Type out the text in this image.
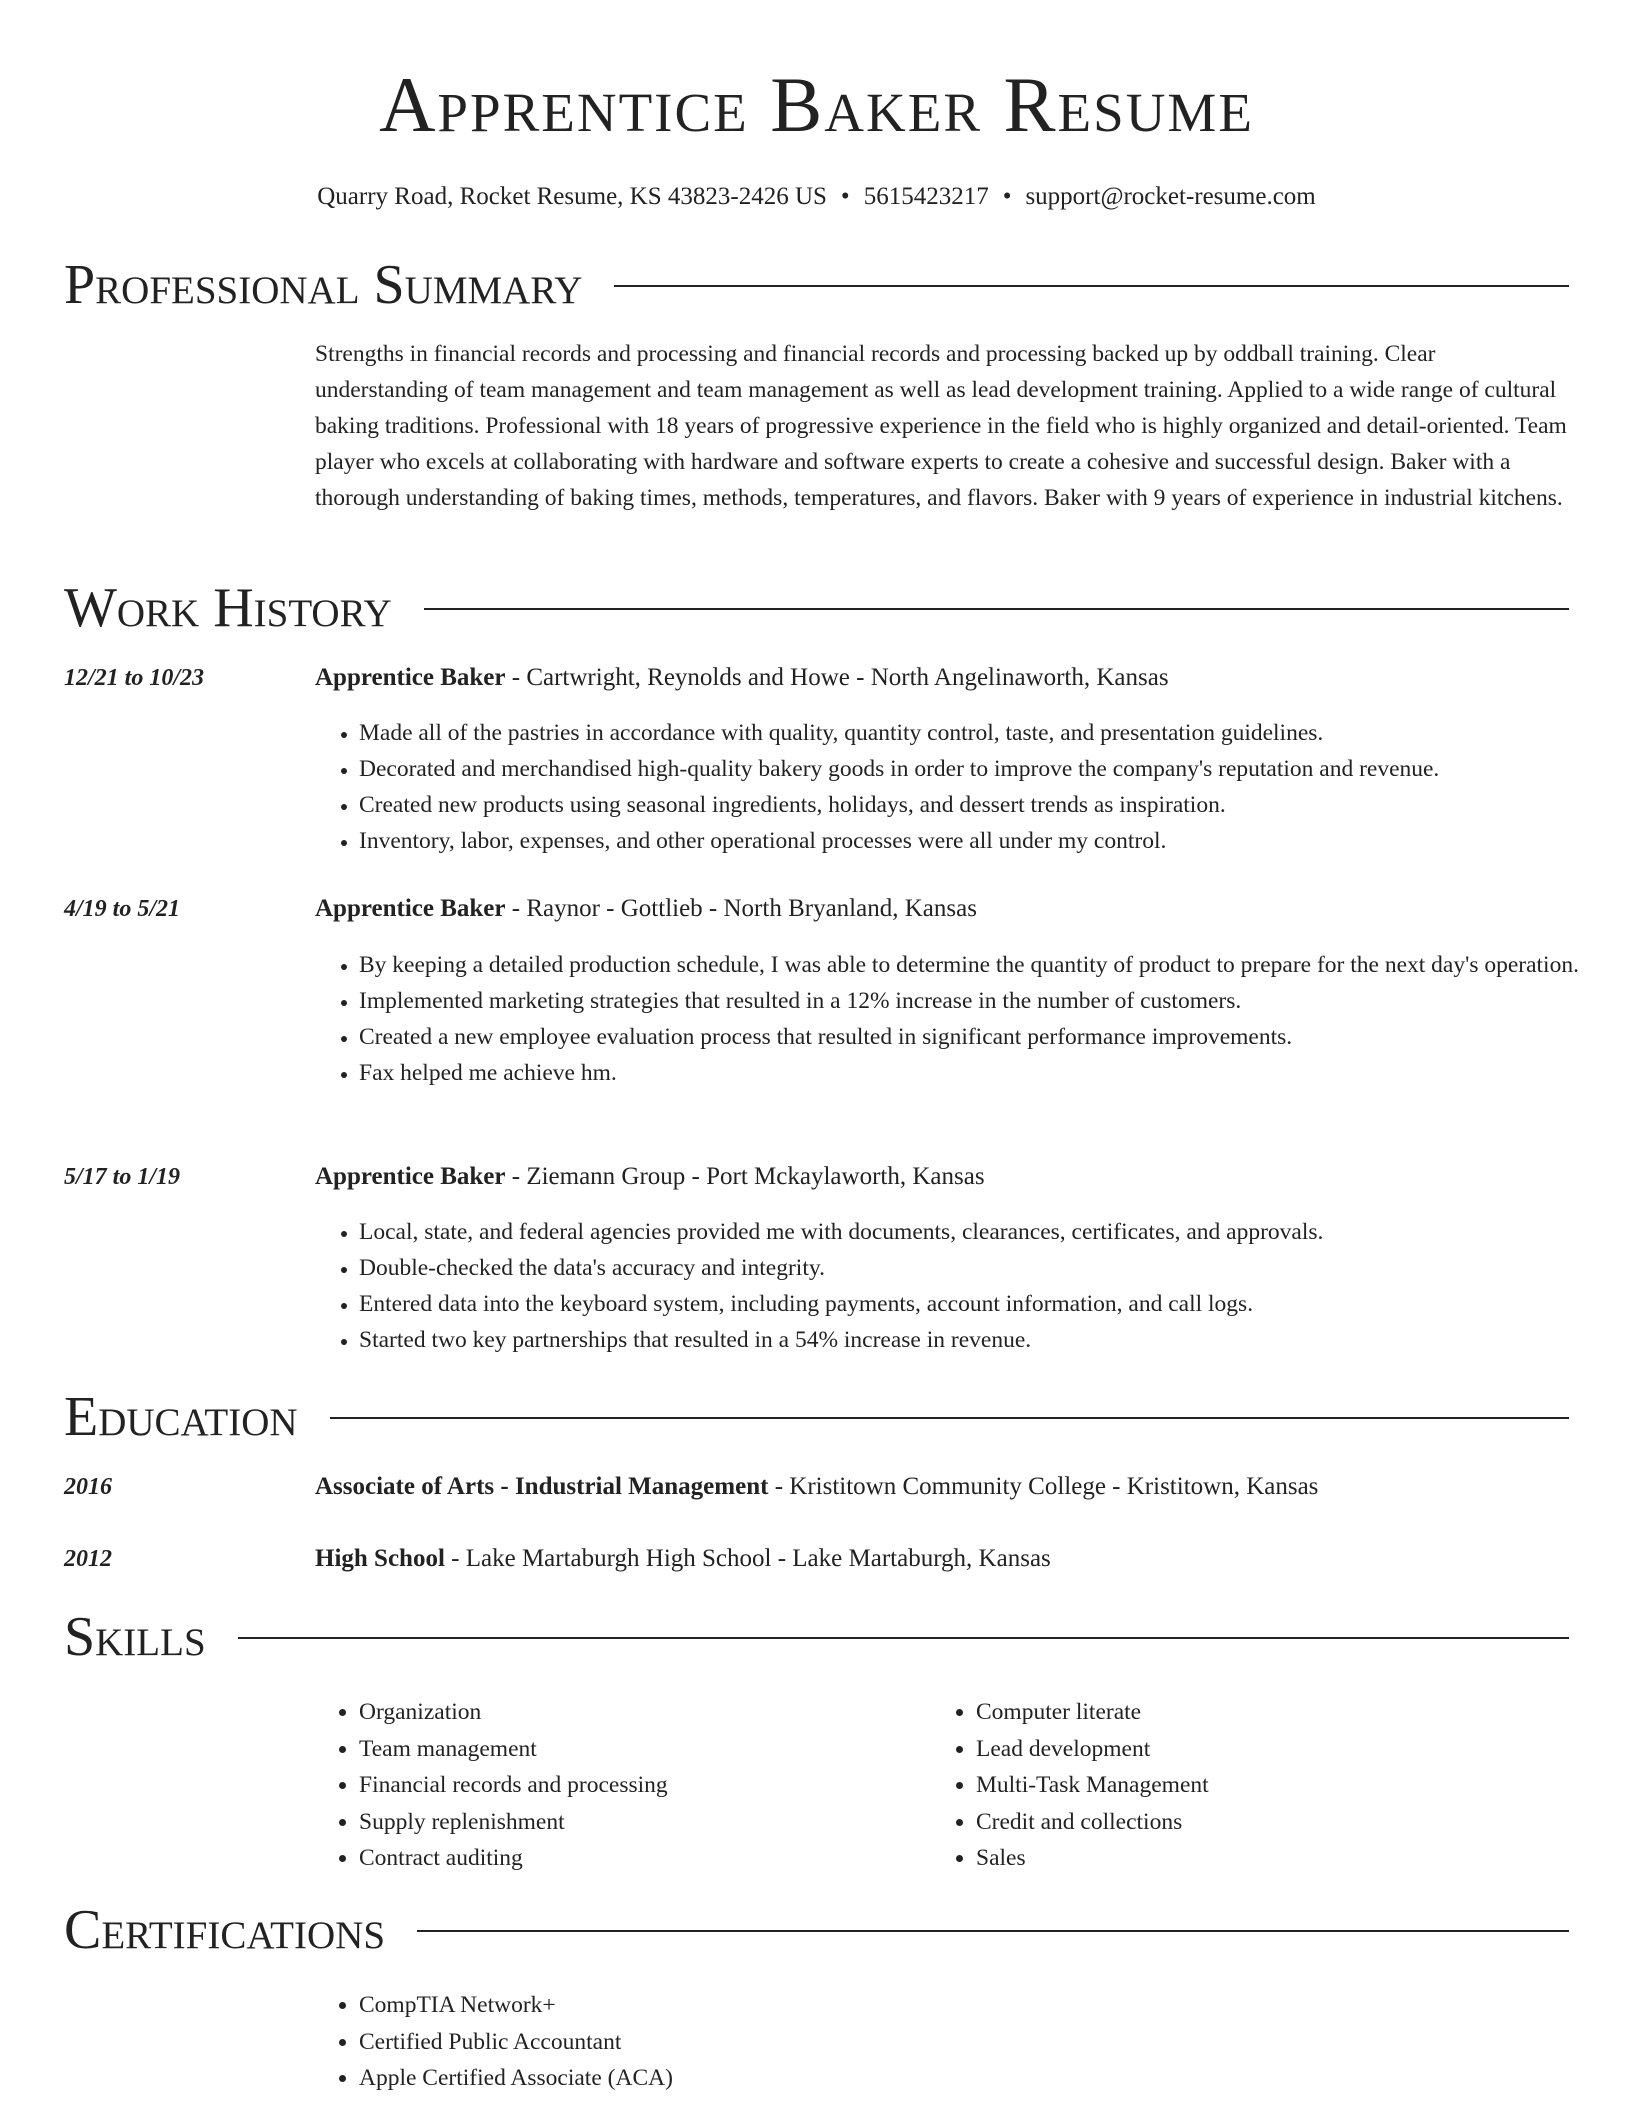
Apprentice Baker Resume
Quarry Road, Rocket Resume, KS 43823-2426 US • 5615423217 • support@rocket-resume.com
Professional Summary

Strengths in financial records and processing and financial records and processing backed up by oddball training. Clear understanding of team management and team management as well as lead development training. Applied to a wide range of cultural baking traditions. Professional with 18 years of progressive experience in the field who is highly organized and detail-oriented. Team player who excels at collaborating with hardware and software experts to create a cohesive and successful design. Baker with a thorough understanding of baking times, methods, temperatures, and flavors. Baker with 9 years of experience in industrial kitchens.

Work History
12/21 to 10/23	Apprentice Baker - Cartwright, Reynolds and Howe - North Angelinaworth, Kansas
• Made all of the pastries in accordance with quality, quantity control, taste, and presentation guidelines.
• Decorated and merchandised high-quality bakery goods in order to improve the company's reputation and revenue.
• Created new products using seasonal ingredients, holidays, and dessert trends as inspiration.
• Inventory, labor, expenses, and other operational processes were all under my control.
4/19 to 5/21	Apprentice Baker - Raynor - Gottlieb - North Bryanland, Kansas
• By keeping a detailed production schedule, I was able to determine the quantity of product to prepare for the next day's operation.
• Implemented marketing strategies that resulted in a 12% increase in the number of customers.
• Created a new employee evaluation process that resulted in significant performance improvements.
• Fax helped me achieve hm.
5/17 to 1/19	Apprentice Baker - Ziemann Group - Port Mckaylaworth, Kansas
• Local, state, and federal agencies provided me with documents, clearances, certificates, and approvals.
• Double-checked the data's accuracy and integrity.
• Entered data into the keyboard system, including payments, account information, and call logs.
• Started two key partnerships that resulted in a 54% increase in revenue.
Education
2016	Associate of Arts - Industrial Management - Kristitown Community College - Kristitown, Kansas
2012	High School - Lake Martaburgh High School - Lake Martaburgh, Kansas
Skills
• Organization
• Team management
• Financial records and processing
• Supply replenishment
• Contract auditing
• Computer literate
• Lead development
• Multi-Task Management
• Credit and collections
• Sales
Certifications
• CompTIA Network+
• Certified Public Accountant
• Apple Certified Associate (ACA)
